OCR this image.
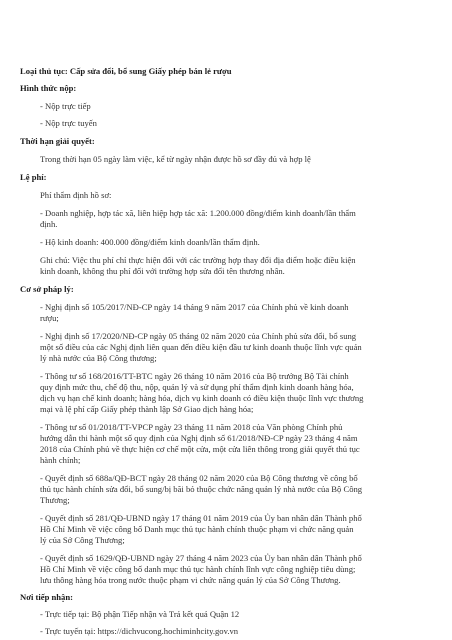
Loại thủ tục: Cấp sửa đổi, bổ sung Giấy phép bán lẻ rượu
Hình thức nộp:
- Nộp trực tiếp
- Nộp trực tuyến
Thời hạn giải quyết:
Trong thời hạn 05 ngày làm việc, kể từ ngày nhận được hồ sơ đầy đủ và hợp lệ
Lệ phí:
Phí thẩm định hồ sơ:
- Doanh nghiệp, hợp tác xã, liên hiệp hợp tác xã: 1.200.000 đồng/điểm kinh doanh/lần thẩm
định.
- Hộ kinh doanh: 400.000 đồng/điểm kinh doanh/lần thẩm định.
Ghi chú: Việc thu phí chỉ thực hiện đối với các trường hợp thay đổi địa điểm hoặc điều kiện
kinh doanh, không thu phí đối với trường hợp sửa đổi tên thương nhân.
Cơ sở pháp lý:
- Nghị định số 105/2017/NĐ-CP ngày 14 tháng 9 năm 2017 của Chính phủ về kinh doanh
rượu;
- Nghị định số 17/2020/NĐ-CP ngày 05 tháng 02 năm 2020 của Chính phủ sửa đổi, bổ sung
một số điều của các Nghị định liên quan đến điều kiện đầu tư kinh doanh thuộc lĩnh vực quản
lý nhà nước của Bộ Công thương;
- Thông tư số 168/2016/TT-BTC ngày 26 tháng 10 năm 2016 của Bộ trưởng Bộ Tài chính
quy định mức thu, chế độ thu, nộp, quản lý và sử dụng phí thẩm định kinh doanh hàng hóa,
dịch vụ hạn chế kinh doanh; hàng hóa, dịch vụ kinh doanh có điều kiện thuộc lĩnh vực thương
mại và lệ phí cấp Giấy phép thành lập Sở Giao dịch hàng hóa;
- Thông tư số 01/2018/TT-VPCP ngày 23 tháng 11 năm 2018 của Văn phòng Chính phủ
hướng dẫn thi hành một số quy định của Nghị định số 61/2018/NĐ-CP ngày 23 tháng 4 năm
2018 của Chính phủ về thực hiện cơ chế một cửa, một cửa liên thông trong giải quyết thủ tục
hành chính;
- Quyết định số 688a/QĐ-BCT ngày 28 tháng 02 năm 2020 của Bộ Công thương về công bố
thủ tục hành chính sửa đổi, bổ sung/bị bãi bỏ thuộc chức năng quản lý nhà nước của Bộ Công
Thương;
- Quyết định số 281/QĐ-UBND ngày 17 tháng 01 năm 2019 của Ủy ban nhân dân Thành phố
Hồ Chí Minh về việc công bố Danh mục thủ tục hành chính thuộc phạm vi chức năng quản
lý của Sở Công Thương;
- Quyết định số 1629/QĐ-UBND ngày 27 tháng 4 năm 2023 của Ủy ban nhân dân Thành phố
Hồ Chí Minh về việc công bố danh mục thủ tục hành chính lĩnh vực công nghiệp tiêu dùng;
lưu thông hàng hóa trong nước thuộc phạm vi chức năng quản lý của Sở Công Thương.
Nơi tiếp nhận:
- Trực tiếp tại: Bộ phận Tiếp nhận và Trả kết quả Quận 12
- Trực tuyến tại: https://dichvucong.hochiminhcity.gov.vn
